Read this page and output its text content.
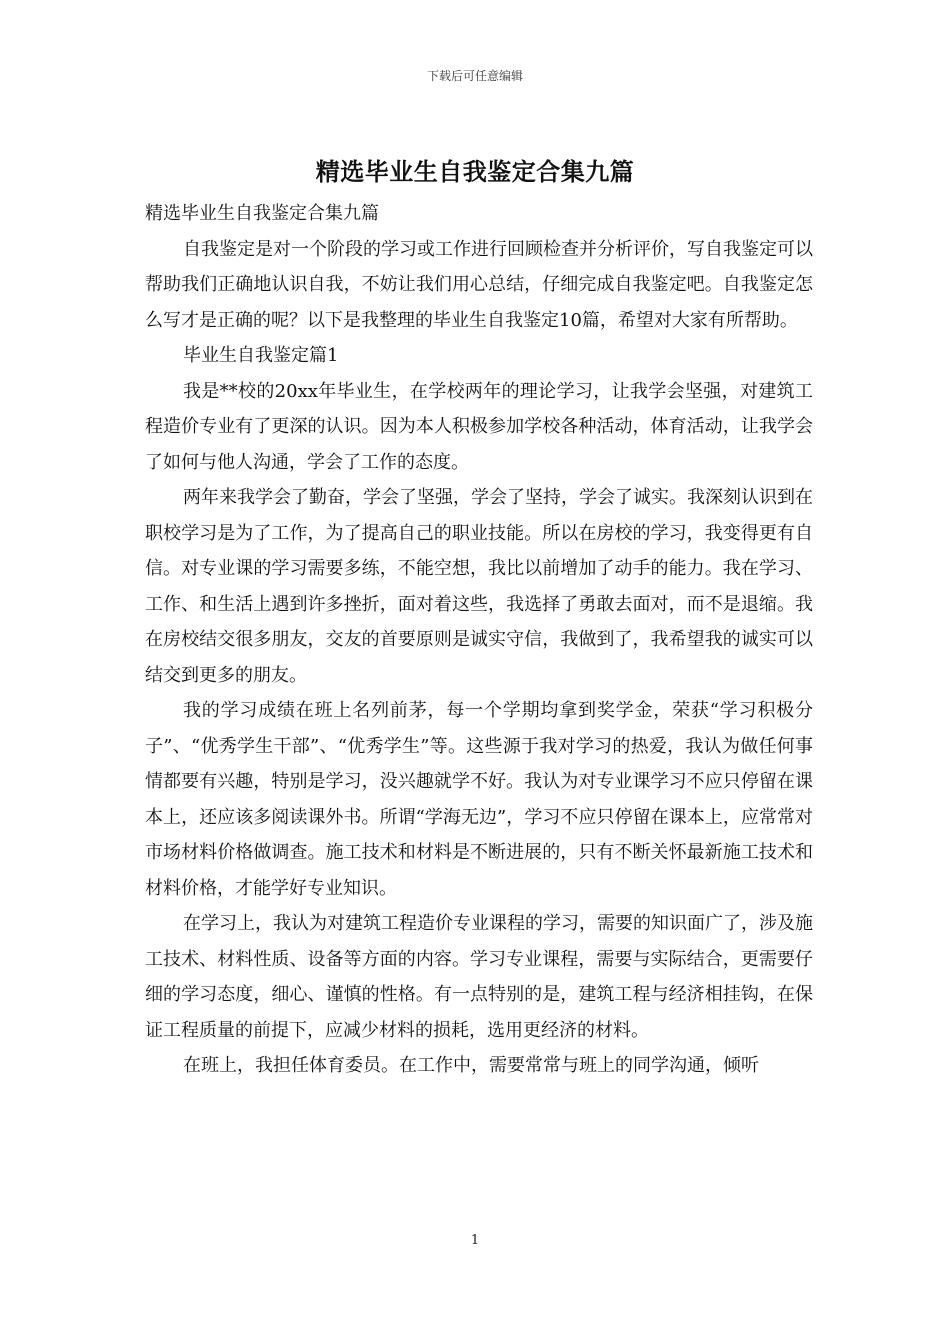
下载后可任意编辑
精选毕业生自我鉴定合集九篇

精选毕业生自我鉴定合集九篇

自我鉴定是对一个阶段的学习或工作进行回顾检查并分析评价，写自我鉴定可以帮助我们正确地认识自我，不妨让我们用心总结，仔细完成自我鉴定吧。自我鉴定怎么写才是正确的呢？以下是我整理的毕业生自我鉴定10篇，希望对大家有所帮助。

毕业生自我鉴定篇1

我是**校的20xx年毕业生，在学校两年的理论学习，让我学会坚强，对建筑工程造价专业有了更深的认识。因为本人积极参加学校各种活动，体育活动，让我学会了如何与他人沟通，学会了工作的态度。

两年来我学会了勤奋，学会了坚强，学会了坚持，学会了诚实。我深刻认识到在职校学习是为了工作，为了提高自己的职业技能。所以在房校的学习，我变得更有自信。对专业课的学习需要多练，不能空想，我比以前增加了动手的能力。我在学习、工作、和生活上遇到许多挫折，面对着这些，我选择了勇敢去面对，而不是退缩。我在房校结交很多朋友，交友的首要原则是诚实守信，我做到了，我希望我的诚实可以结交到更多的朋友。

我的学习成绩在班上名列前茅，每一个学期均拿到奖学金，荣获“学习积极分子”、“优秀学生干部”、“优秀学生”等。这些源于我对学习的热爱，我认为做任何事情都要有兴趣，特别是学习，没兴趣就学不好。我认为对专业课学习不应只停留在课本上，还应该多阅读课外书。所谓“学海无边”，学习不应只停留在课本上，应常常对市场材料价格做调查。施工技术和材料是不断进展的，只有不断关怀最新施工技术和材料价格，才能学好专业知识。

在学习上，我认为对建筑工程造价专业课程的学习，需要的知识面广了，涉及施工技术、材料性质、设备等方面的内容。学习专业课程，需要与实际结合，更需要仔细的学习态度，细心、谨慎的性格。有一点特别的是，建筑工程与经济相挂钩，在保证工程质量的前提下，应减少材料的损耗，选用更经济的材料。

在班上，我担任体育委员。在工作中，需要常常与班上的同学沟通，倾听

1
